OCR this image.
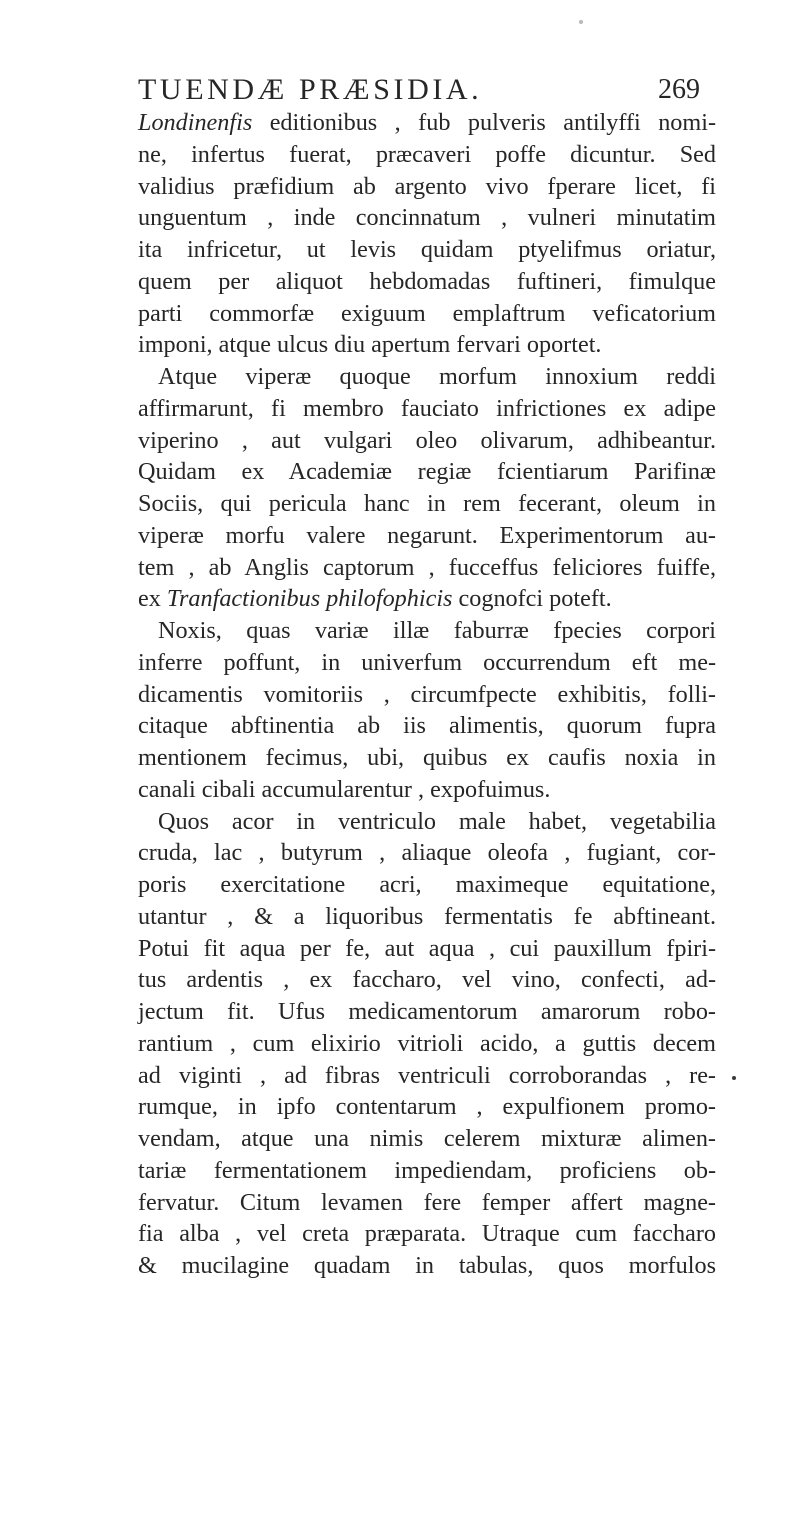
TUENDÆ PRÆSIDIA.	269
Londinenfis editionibus , fub pulveris antilyffi nomi-
ne, infertus fuerat, præcaveri poffe dicuntur. Sed
validius præfidium ab argento vivo fperare licet, fi
unguentum , inde concinnatum , vulneri minutatim
ita infricetur, ut levis quidam ptyelifmus oriatur,
quem per aliquot hebdomadas fuftineri, fimulque
parti commorfæ exiguum emplaftrum veficatorium
imponi, atque ulcus diu apertum fervari oportet.
Atque viperæ quoque morfum innoxium reddi
affirmarunt, fi membro fauciato infrictiones ex adipe
viperino , aut vulgari oleo olivarum, adhibeantur.
Quidam ex Academiæ regiæ fcientiarum Parifinæ
Sociis, qui pericula hanc in rem fecerant, oleum in
viperæ morfu valere negarunt. Experimentorum au-
tem , ab Anglis captorum , fucceffus feliciores fuiffe,
ex Tranfactionibus philofophicis cognofci poteft.
Noxis, quas variæ illæ faburræ fpecies corpori
inferre poffunt, in univerfum occurrendum eft me-
dicamentis vomitoriis , circumfpecte exhibitis, folli-
citaque abftinentia ab iis alimentis, quorum fupra
mentionem fecimus, ubi, quibus ex caufis noxia in
canali cibali accumularentur , expofuimus.
Quos acor in ventriculo male habet, vegetabilia
cruda, lac , butyrum , aliaque oleofa , fugiant, cor-
poris exercitatione acri, maximeque equitatione,
utantur , & a liquoribus fermentatis fe abftineant.
Potui fit aqua per fe, aut aqua , cui pauxillum fpiri-
tus ardentis , ex faccharo, vel vino, confecti, ad-
jectum fit. Ufus medicamentorum amarorum robo-
rantium , cum elixirio vitrioli acido, a guttis decem
ad viginti , ad fibras ventriculi corroborandas , re-
rumque, in ipfo contentarum , expulfionem promo-
vendam, atque una nimis celerem mixturæ alimen-
tariæ fermentationem impediendam, proficiens ob-
fervatur. Citum levamen fere femper affert magne-
fia alba , vel creta præparata. Utraque cum faccharo
& mucilagine quadam in tabulas, quos morfulos
